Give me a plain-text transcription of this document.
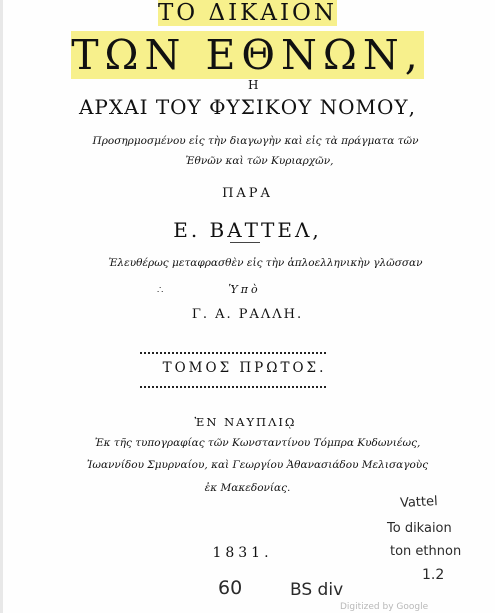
ΤΟ ΔΙΚΑΙΟΝ
ΤΩΝ ΕΘΝΩΝ,
Η
ΑΡΧΑΙ ΤΟΥ ΦΥΣΙΚΟΥ ΝΟΜΟΥ,
Προσηρμοσμένου εἰς τὴν διαγωγὴν καὶ εἰς τὰ πράγματα τῶν
Ἐθνῶν καὶ τῶν Κυριαρχῶν,
ΠΑΡΑ
Ε. ΒΑΤΤΕΛ,
Ἐλευθέρως μεταφρασθὲν εἰς τὴν ἁπλοελληνικὴν γλῶσσαν
∴	Ὑπὸ
Γ. Α. ΡΑΛΛΗ.
ΤΟΜΟΣ ΠΡΩΤΟΣ.
ἘΝ ΝΑΥΠΛΙῼ
Ἐκ τῆς τυπογραφίας τῶν Κωνσταντίνου Τόμπρα Κυδωνιέως,
Ἰωαννίδου Σμυρναίου, καὶ Γεωργίου Ἀθανασιάδου Μελισαγοὺς
ἐκ Μακεδονίας.
1831.
Vattel
To dikaion
ton ethnon
1.2
60	BS div
Digitized by Google
